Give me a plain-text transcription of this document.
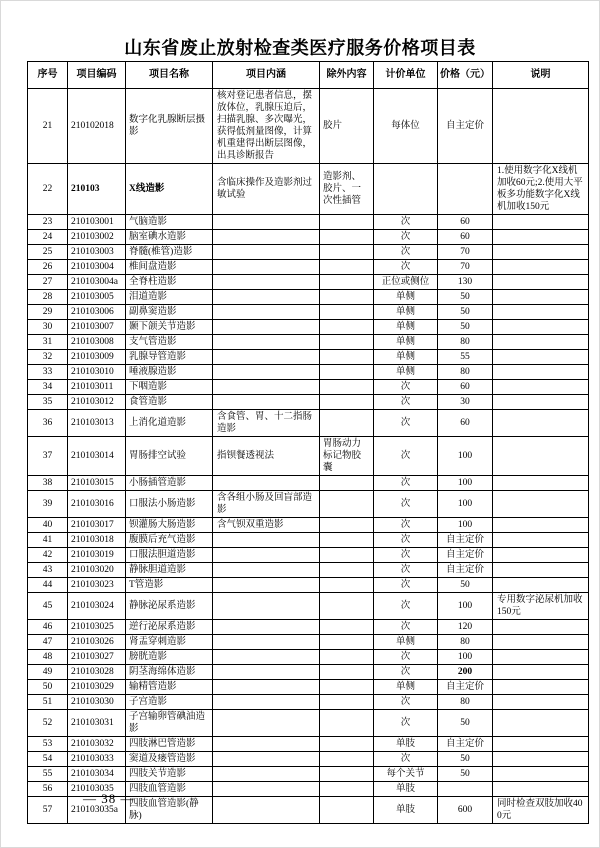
山东省废止放射检查类医疗服务价格项目表
序号	项目编码	项目名称	项目内涵	除外内容	计价单位	价格（元）	说明
21	210102018	数字化乳腺断层摄影	核对登记患者信息，摆放体位，乳腺压迫后，扫描乳腺、多次曝光，获得低剂量图像，计算机重建得出断层图像，出具诊断报告	胶片	每体位	自主定价	
22	210103	X线造影	含临床操作及造影剂过敏试验	造影剂、胶片、一次性插管			1.使用数字化X线机加收60元;2.使用大平板多功能数字化X线机加收150元
23	210103001	气脑造影			次	60	
24	210103002	脑室碘水造影			次	60	
25	210103003	脊髓(椎管)造影			次	70	
26	210103004	椎间盘造影			次	70	
27	210103004a	全脊柱造影			正位或侧位	130	
28	210103005	泪道造影			单侧	50	
29	210103006	副鼻窦造影			单侧	50	
30	210103007	颞下颌关节造影			单侧	50	
31	210103008	支气管造影			单侧	80	
32	210103009	乳腺导管造影			单侧	55	
33	210103010	唾液腺造影			单侧	80	
34	210103011	下咽造影			次	60	
35	210103012	食管造影			次	30	
36	210103013	上消化道造影	含食管、胃、十二指肠造影		次	60	
37	210103014	胃肠排空试验	指钡餐透视法	胃肠动力标记物胶囊	次	100	
38	210103015	小肠插管造影			次	100	
39	210103016	口服法小肠造影	含各组小肠及回盲部造影		次	100	
40	210103017	钡灌肠大肠造影	含气钡双重造影		次	100	
41	210103018	腹膜后充气造影			次	自主定价	
42	210103019	口服法胆道造影			次	自主定价	
43	210103020	静脉胆道造影			次	自主定价	
44	210103023	T管造影			次	50	
45	210103024	静脉泌尿系造影			次	100	专用数字泌尿机加收150元
46	210103025	逆行泌尿系造影			次	120	
47	210103026	肾盂穿刺造影			单侧	80	
48	210103027	膀胱造影			次	100	
49	210103028	阴茎海绵体造影			次	200	
50	210103029	输精管造影			单侧	自主定价	
51	210103030	子宫造影			次	80	
52	210103031	子宫输卵管碘油造影			次	50	
53	210103032	四肢淋巴管造影			单肢	自主定价	
54	210103033	窦道及瘘管造影			次	50	
55	210103034	四肢关节造影			每个关节	50	
56	210103035	四肢血管造影			单肢		
57	210103035a	四肢血管造影(静脉)			单肢	600	同时检查双肢加收400元
— 38 —
